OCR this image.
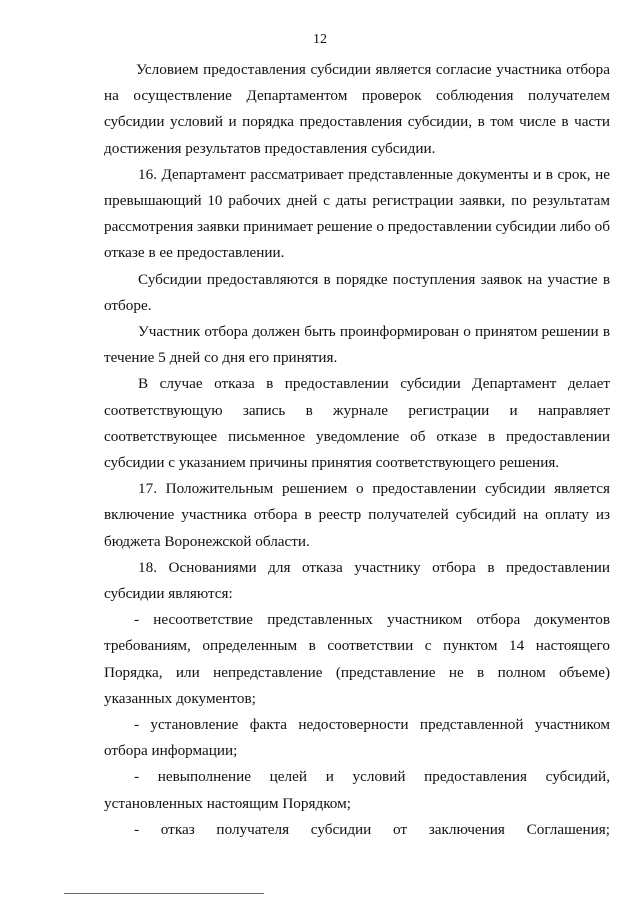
12

Условием предоставления субсидии является согласие участника отбора на осуществление Департаментом проверок соблюдения получателем субсидии условий и порядка предоставления субсидии, в том числе в части достижения результатов предоставления субсидии.

16. Департамент рассматривает представленные документы и в срок, не превышающий 10 рабочих дней с даты регистрации заявки, по результатам рассмотрения заявки принимает решение о предоставлении субсидии либо об отказе в ее предоставлении.

Субсидии предоставляются в порядке поступления заявок на участие в отборе.

Участник отбора должен быть проинформирован о принятом решении в течение 5 дней со дня его принятия.

В случае отказа в предоставлении субсидии Департамент делает соответствующую запись в журнале регистрации и направляет соответствующее письменное уведомление об отказе в предоставлении субсидии с указанием причины принятия соответствующего решения.

17. Положительным решением о предоставлении субсидии является включение участника отбора в реестр получателей субсидий на оплату из бюджета Воронежской области.

18. Основаниями для отказа участнику отбора в предоставлении субсидии являются:

- несоответствие представленных участником отбора документов требованиям, определенным в соответствии с пунктом 14 настоящего Порядка, или непредставление (представление не в полном объеме) указанных документов;

- установление факта недостоверности представленной участником отбора информации;

- невыполнение целей и условий предоставления субсидий, установленных настоящим Порядком;

- отказ получателя субсидии от заключения Соглашения;
